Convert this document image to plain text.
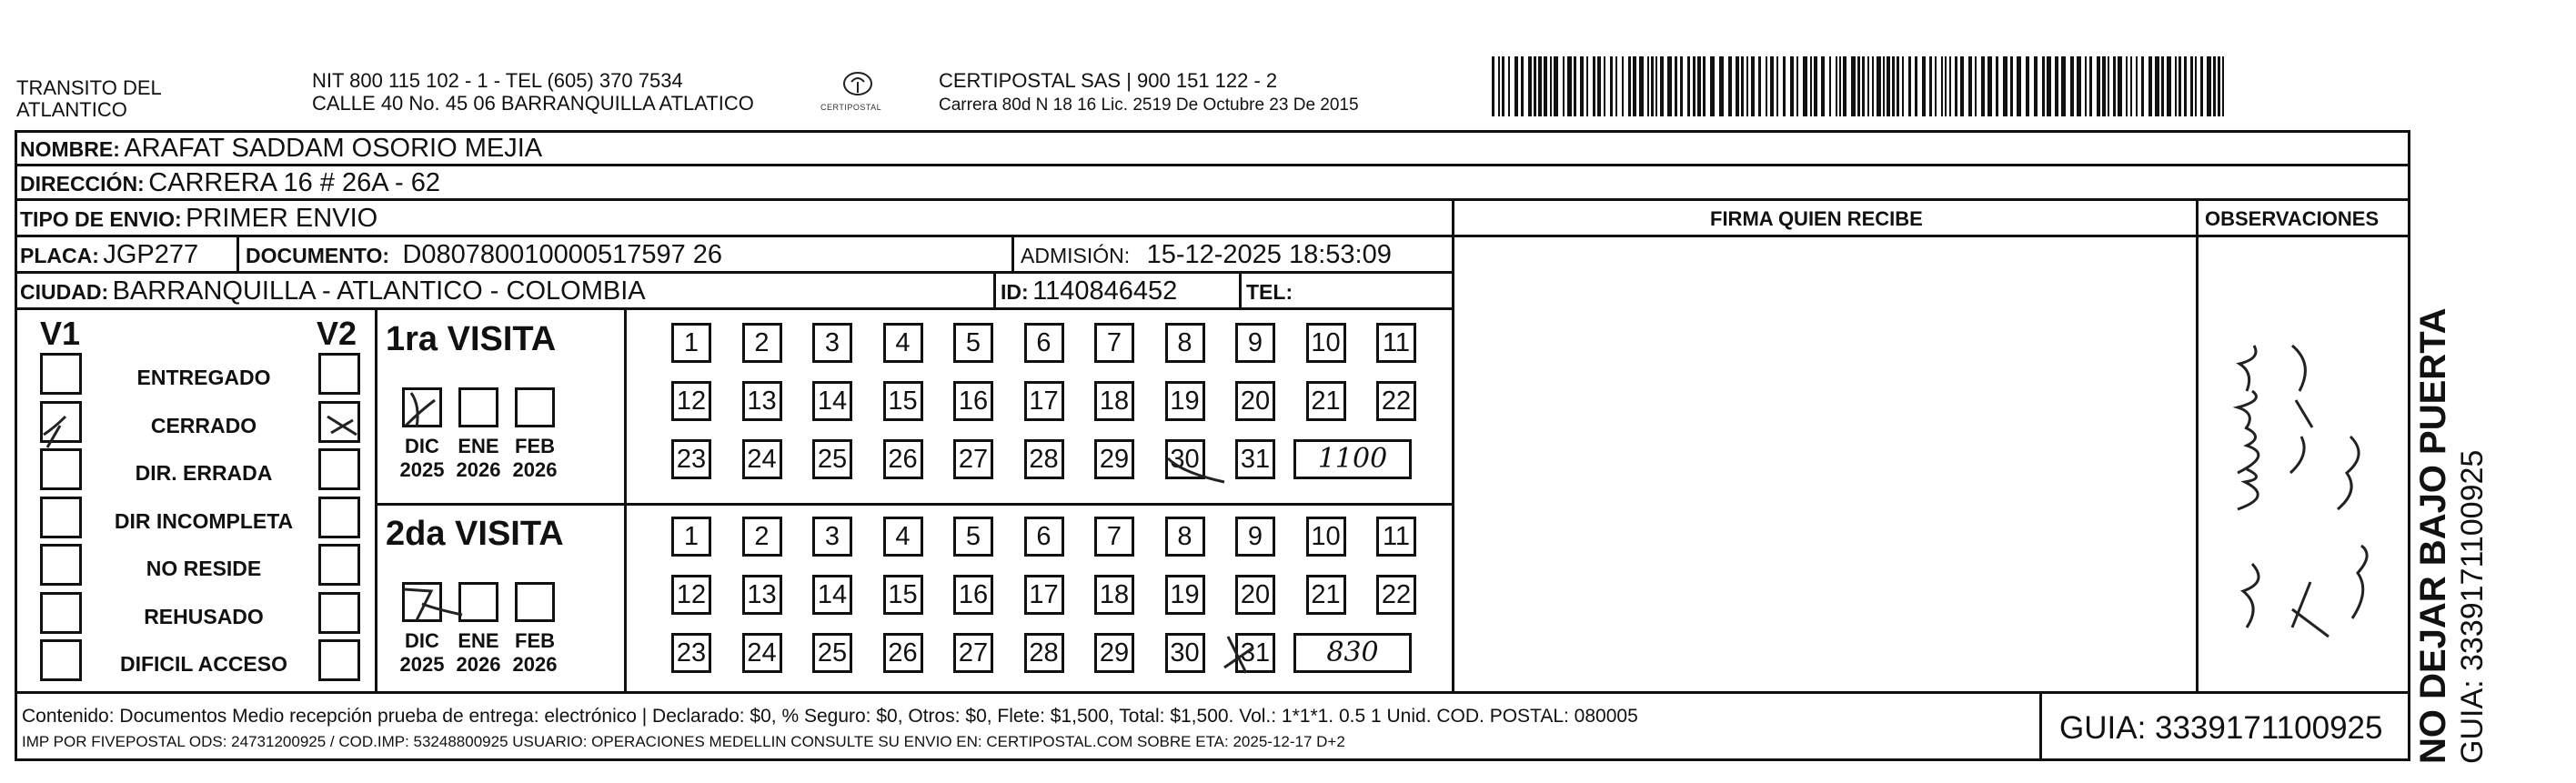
TRANSITO DEL
ATLANTICO
NIT 800 115 102 - 1 - TEL (605) 370 7534
CALLE 40 No. 45 06 BARRANQUILLA ATLATICO	CERTIPOSTAL
CERTIPOSTAL SAS | 900 151 122 - 2
Carrera 80d N 18 16 Lic. 2519 De Octubre 23 De 2015
NOMBRE: ARAFAT SADDAM OSORIO MEJIA
DIRECCIÓN: CARRERA 16 # 26A - 62
TIPO DE ENVIO: PRIMER ENVIO	FIRMA QUIEN RECIBE	OBSERVACIONES
PLACA: JGP277 DOCUMENTO: D080780010000517597 26	ADMISIÓN: 15-12-2025 18:53:09
CIUDAD: BARRANQUILLA - ATLANTICO - COLOMBIA	ID: 1140846452	TEL:
V1	V2
ENTREGADO
CERRADO
DIR. ERRADA
DIR INCOMPLETA
NO RESIDE
REHUSADO
DIFICIL ACCESO
1ra VISITA
2da VISITA
DIC
2025
ENE
2026
FEB
2026
DIC
2025
ENE
2026
FEB
2026
1	2	3	4	5	6	7	8	9	10 11
12 13 14 15 16 17 18 19 20 21 22
23 24 25 26 27 28 29 30 31	1100
1	2	3	4	5	6	7	8	9	10 11
12 13 14 15 16 17 18 19 20 21 22
23 24 25 26 27 28 29 30 31	830
Contenido: Documentos Medio recepción prueba de entrega: electrónico | Declarado: $0, % Seguro: $0, Otros: $0, Flete: $1,500, Total: $1,500. Vol.: 1*1*1. 0.5 1 Unid. COD. POSTAL: 080005
IMP POR FIVEPOSTAL ODS: 24731200925 / COD.IMP: 53248800925 USUARIO: OPERACIONES MEDELLIN CONSULTE SU ENVIO EN: CERTIPOSTAL.COM SOBRE ETA: 2025-12-17 D+2	GUIA: 3339171100925 NO DEJAR BAJO PUERTA GUIA: 3339171100925
